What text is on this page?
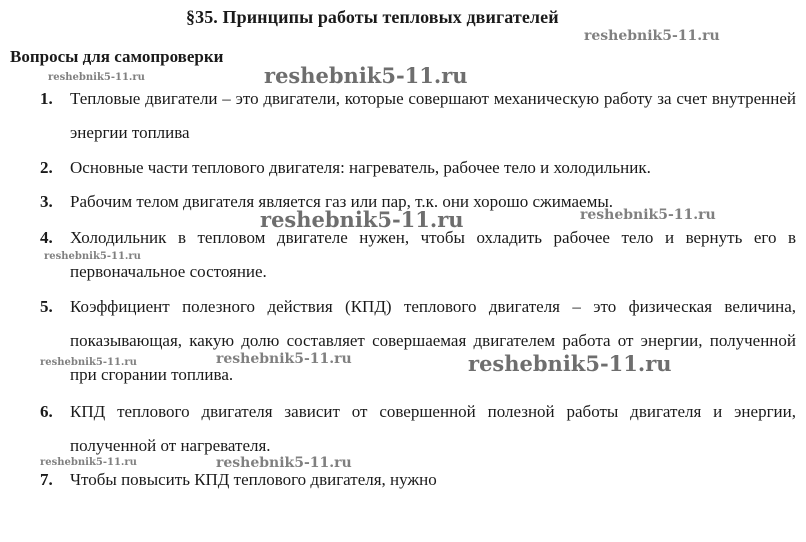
§35. Принципы работы тепловых двигателей
Вопросы для самопроверки
1. Тепловые двигатели – это двигатели, которые совершают механическую работу за счет внутренней энергии топлива
2. Основные части теплового двигателя: нагреватель, рабочее тело и холодильник.
3. Рабочим телом двигателя является газ или пар, т.к. они хорошо сжимаемы.
4. Холодильник в тепловом двигателе нужен, чтобы охладить рабочее тело и вернуть его в первоначальное состояние.
5. Коэффициент полезного действия (КПД) теплового двигателя – это физическая величина, показывающая, какую долю составляет совершаемая двигателем работа от энергии, полученной при сгорании топлива.
6. КПД теплового двигателя зависит от совершенной полезной работы двигателя и энергии, полученной от нагревателя.
7. Чтобы повысить КПД теплового двигателя, нужно
reshebnik5-11.ru
reshebnik5-11.ru	reshebnik5-11.ru
reshebnik5-11.ru	reshebnik5-11.ru
reshebnik5-11.ru
reshebnik5-11.ru
reshebnik5-11.ru	reshebnik5-11.ru
reshebnik5-11.ru	reshebnik5-11.ru
